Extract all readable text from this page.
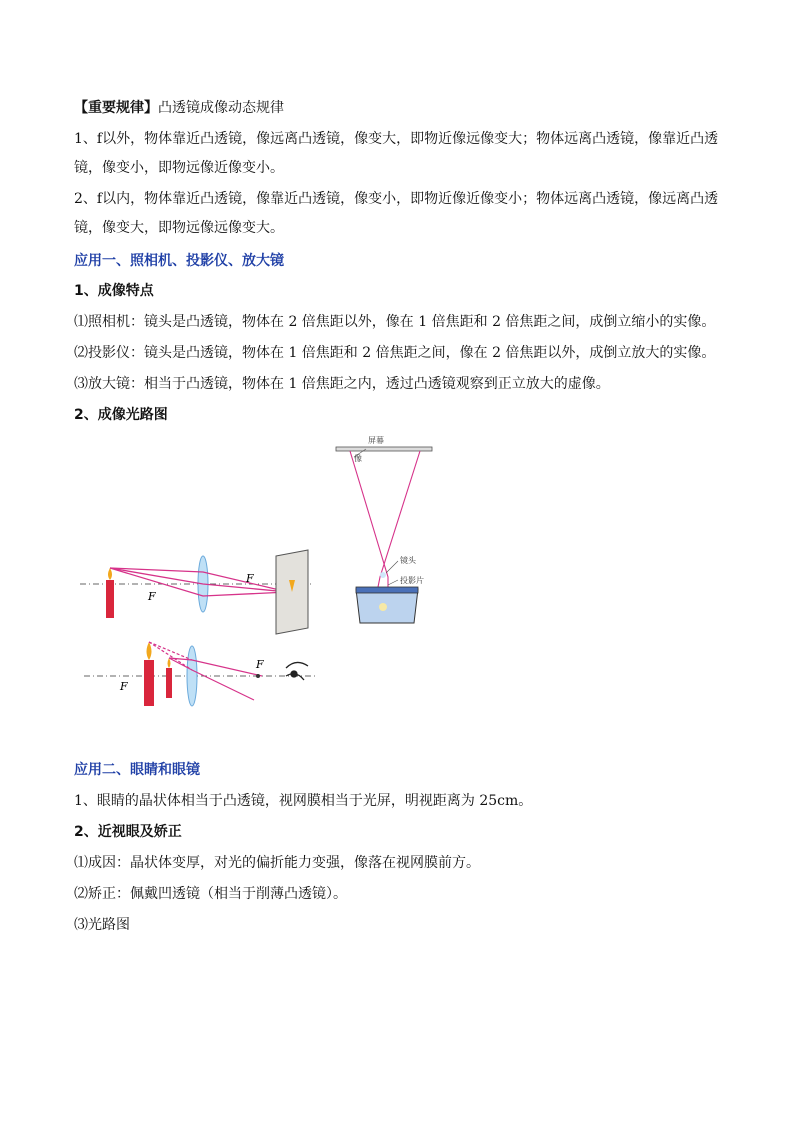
【重要规律】凸透镜成像动态规律
1、f以外，物体靠近凸透镜，像远离凸透镜，像变大，即物近像远像变大；物体远离凸透镜，像靠近凸透
镜，像变小，即物远像近像变小。
2、f以内，物体靠近凸透镜，像靠近凸透镜，像变小，即物近像近像变小；物体远离凸透镜，像远离凸透
镜，像变大，即物远像远像变大。
应用一、照相机、投影仪、放大镜
1、成像特点
⑴照相机：镜头是凸透镜，物体在 2 倍焦距以外，像在 1 倍焦距和 2 倍焦距之间，成倒立缩小的实像。
⑵投影仪：镜头是凸透镜，物体在 1 倍焦距和 2 倍焦距之间，像在 2 倍焦距以外，成倒立放大的实像。
⑶放大镜：相当于凸透镜，物体在 1 倍焦距之内，透过凸透镜观察到正立放大的虚像。
2、成像光路图
F
F
屏幕
像
镜头
投影片
F
F
应用二、眼睛和眼镜
1、眼睛的晶状体相当于凸透镜，视网膜相当于光屏，明视距离为 25cm。
2、近视眼及娇正
⑴成因：晶状体变厚，对光的偏折能力变强，像落在视网膜前方。
⑵矫正：佩戴凹透镜（相当于削薄凸透镜）。
⑶光路图
